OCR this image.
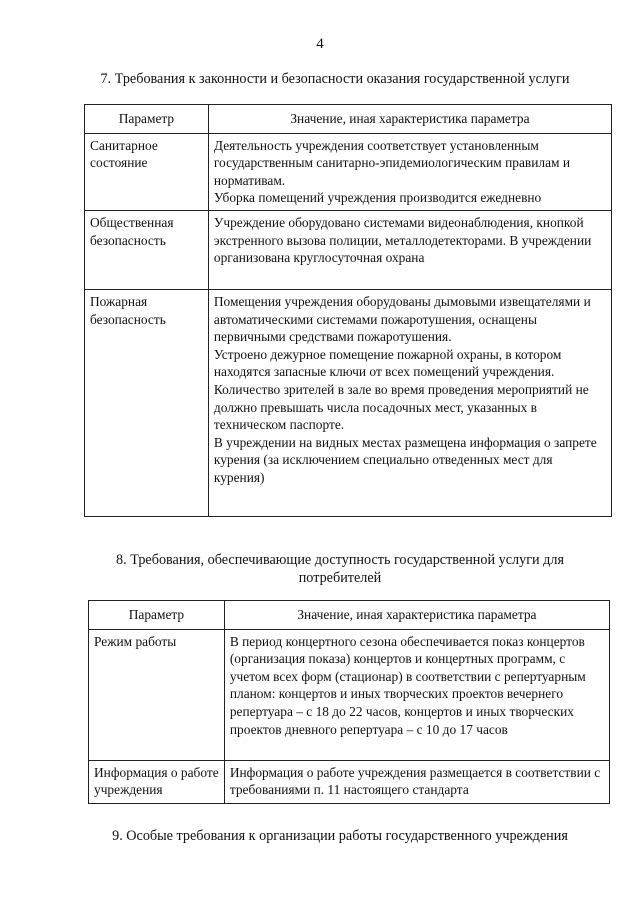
4
7. Требования к законности и безопасности оказания государственной услуги
Параметр	Значение, иная характеристика параметра
Санитарное состояние	Деятельность учреждения соответствует установленным государственным санитарно-эпидемиологическим правилам и нормативам.
Уборка помещений учреждения производится ежедневно

Общественная безопасность	Учреждение оборудовано системами видеонаблюдения, кнопкой экстренного вызова полиции, металлодетекторами. В учреждении организована круглосуточная охрана

Пожарная безопасность	Помещения учреждения оборудованы дымовыми извещателями и автоматическими системами пожаротушения, оснащены первичными средствами пожаротушения.
Устроено дежурное помещение пожарной охраны, в котором находятся запасные ключи от всех помещений учреждения.
Количество зрителей в зале во время проведения мероприятий не должно превышать числа посадочных мест, указанных в техническом паспорте.
В учреждении на видных местах размещена информация о запрете курения (за исключением специально отведенных мест для курения)
8. Требования, обеспечивающие доступность государственной услуги для потребителей
Параметр	Значение, иная характеристика параметра
Режим работы	В период концертного сезона обеспечивается показ концертов (организация показа) концертов и концертных программ, с учетом всех форм (стационар) в соответствии с репертуарным планом: концертов и иных творческих проектов вечернего репертуара – с 18 до 22 часов, концертов и иных творческих проектов дневного репертуара – с 10 до 17 часов

Информация о работе учреждения	Информация о работе учреждения размещается в соответствии с требованиями п. 11 настоящего стандарта
9. Особые требования к организации работы государственного учреждения
